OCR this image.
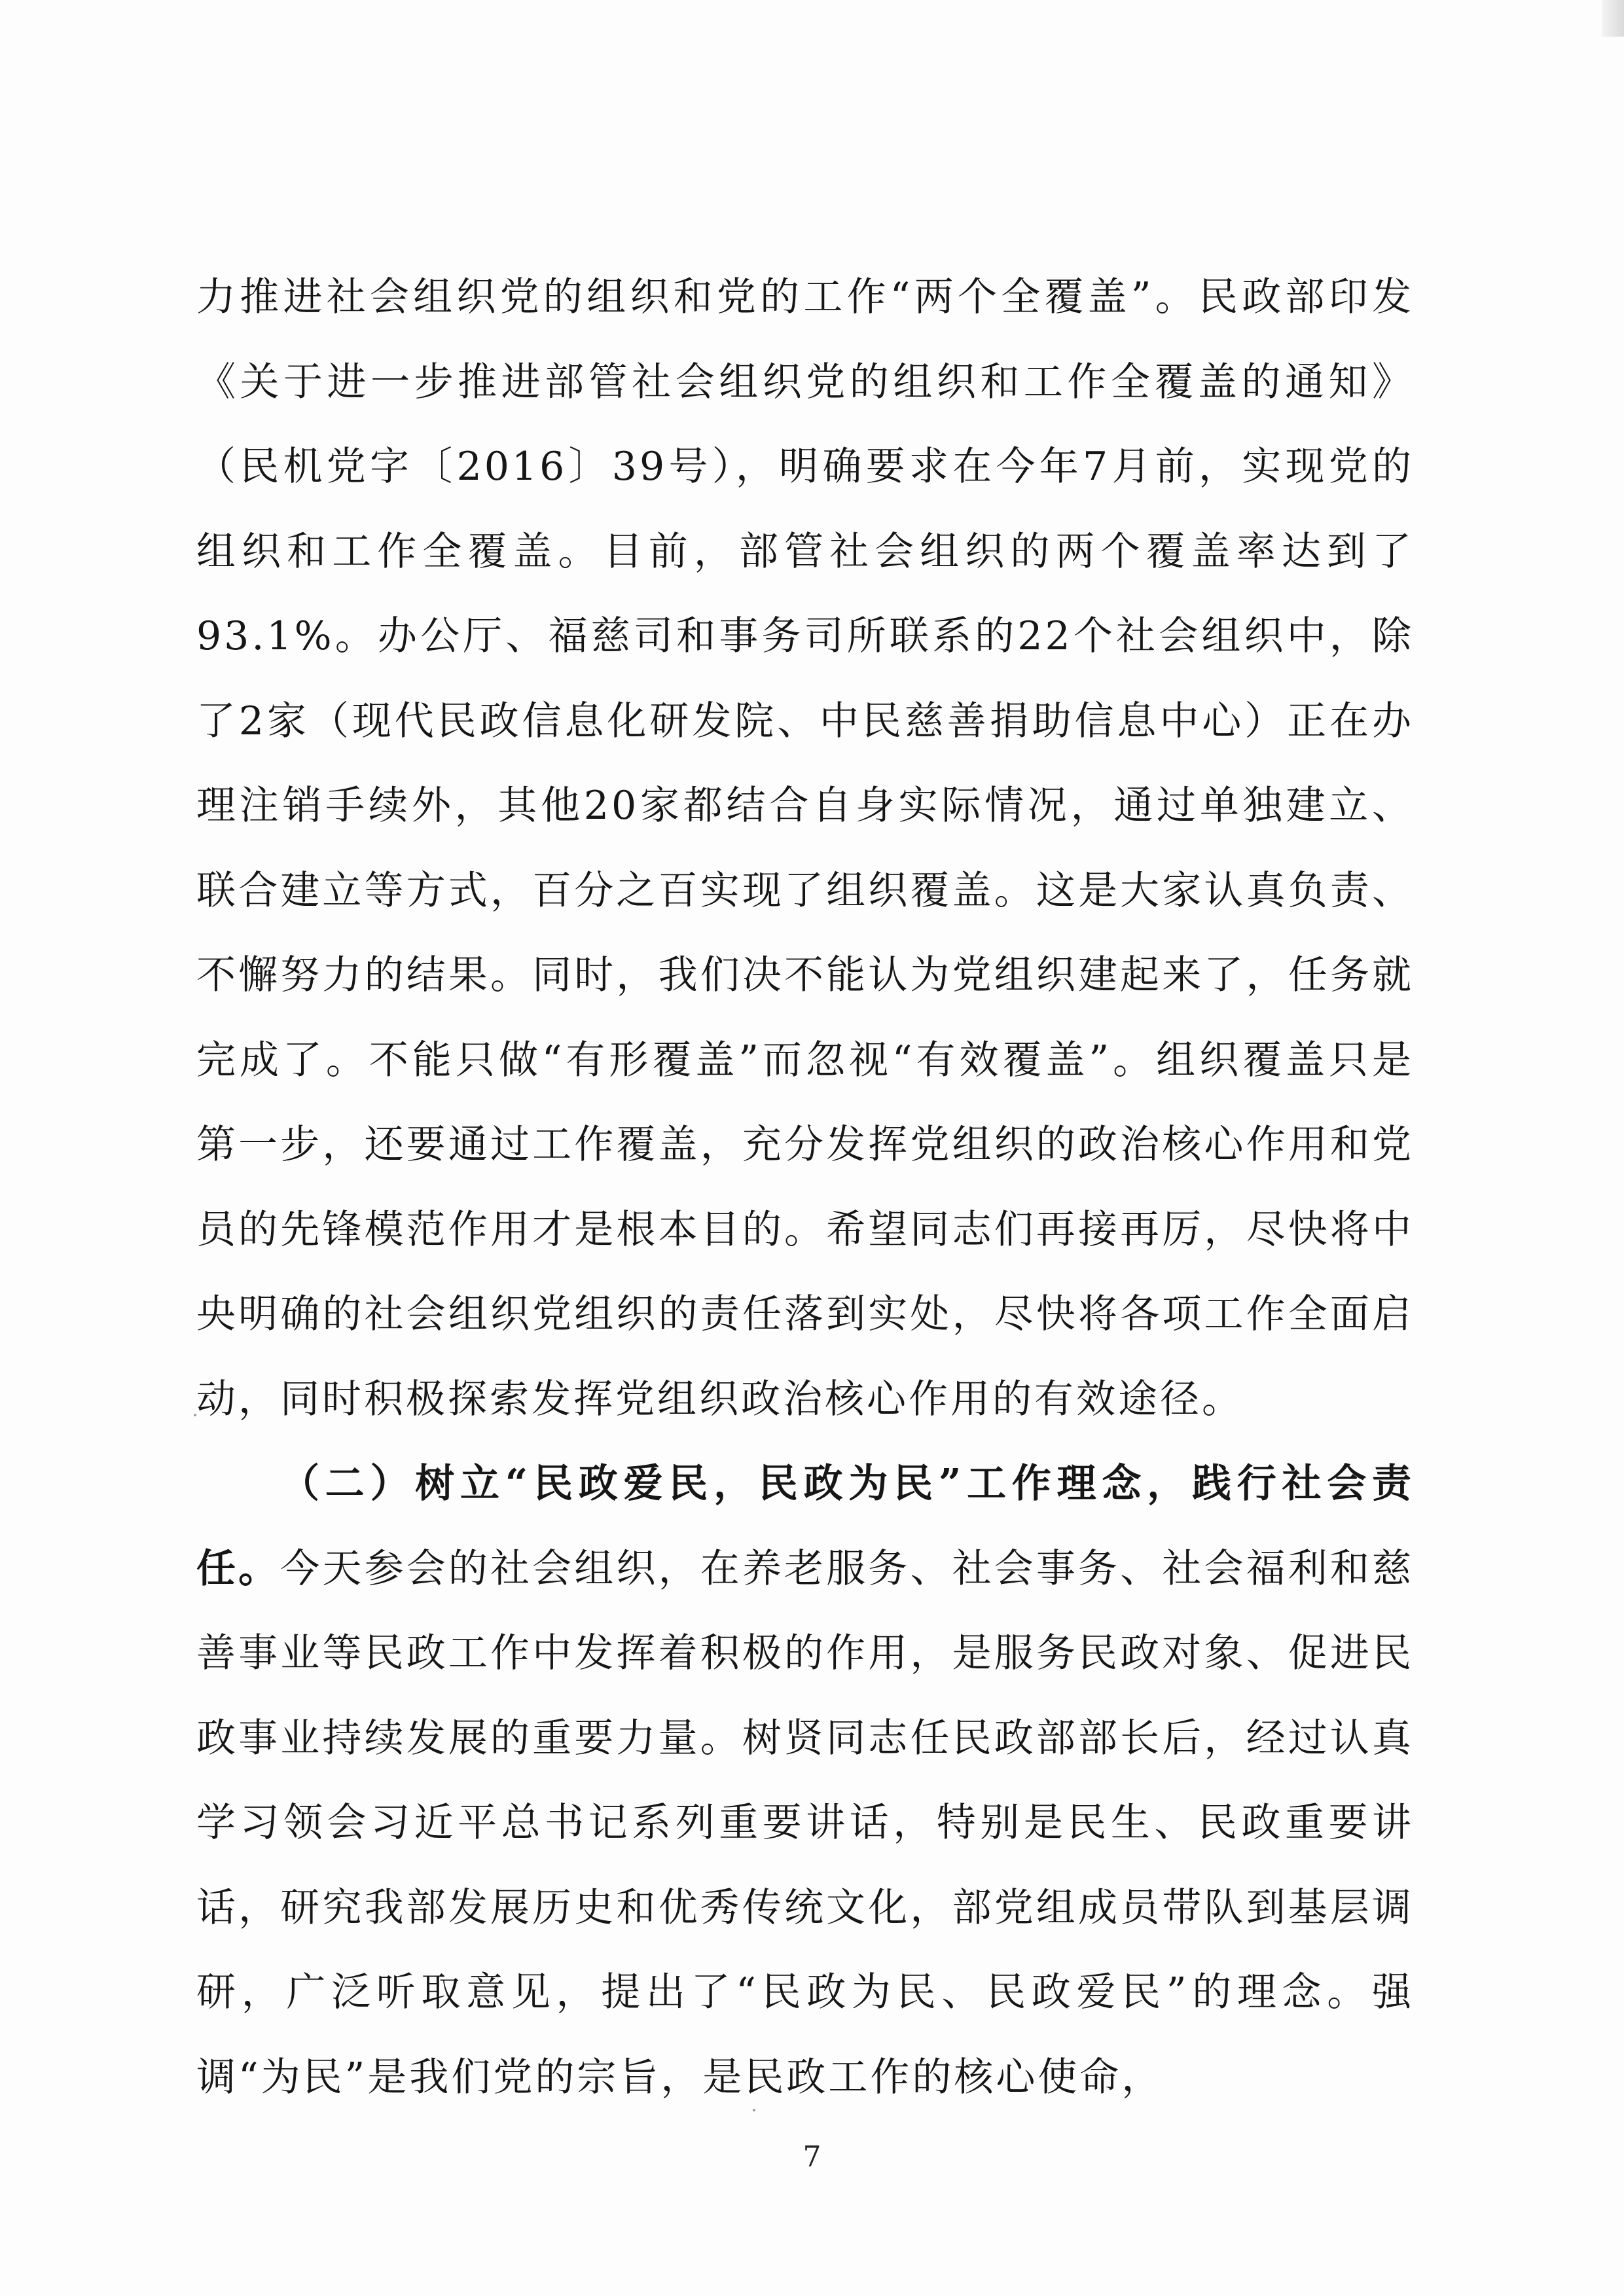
力推进社会组织党的组织和党的工作“两个全覆盖”。民政部印发《关于进一步推进部管社会组织党的组织和工作全覆盖的通知》（民机党字〔2016〕39号），明确要求在今年7月前，实现党的组织和工作全覆盖。目前，部管社会组织的两个覆盖率达到了93.1%。办公厅、福慈司和事务司所联系的22个社会组织中，除了2家（现代民政信息化研发院、中民慈善捐助信息中心）正在办理注销手续外，其他20家都结合自身实际情况，通过单独建立、联合建立等方式，百分之百实现了组织覆盖。这是大家认真负责、不懈努力的结果。同时，我们决不能认为党组织建起来了，任务就完成了。不能只做“有形覆盖”而忽视“有效覆盖”。组织覆盖只是第一步，还要通过工作覆盖，充分发挥党组织的政治核心作用和党员的先锋模范作用才是根本目的。希望同志们再接再厉，尽快将中央明确的社会组织党组织的责任落到实处，尽快将各项工作全面启动，同时积极探索发挥党组织政治核心作用的有效途径。

（二）树立“民政爱民，民政为民”工作理念，践行社会责任。今天参会的社会组织，在养老服务、社会事务、社会福利和慈善事业等民政工作中发挥着积极的作用，是服务民政对象、促进民政事业持续发展的重要力量。树贤同志任民政部部长后，经过认真学习领会习近平总书记系列重要讲话，特别是民生、民政重要讲话，研究我部发展历史和优秀传统文化，部党组成员带队到基层调研，广泛听取意见，提出了“民政为民、民政爱民”的理念。强调“为民”是我们党的宗旨，是民政工作的核心使命，

7
